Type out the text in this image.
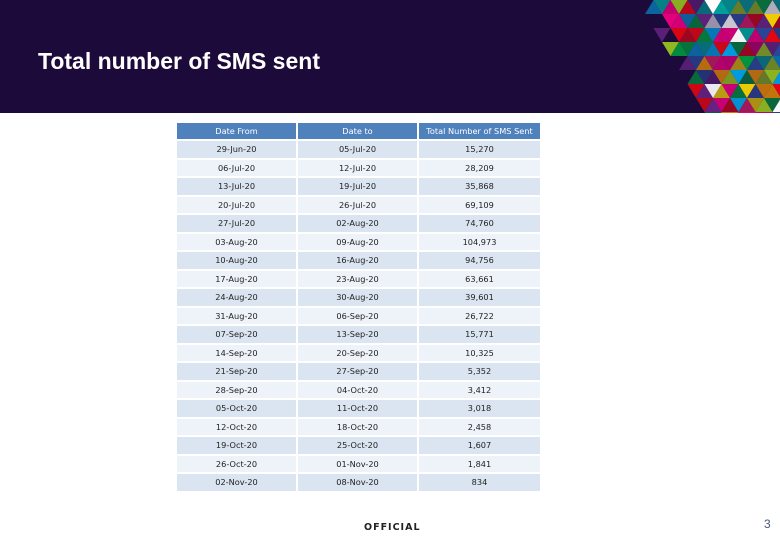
Total number of SMS sent
Date From	Date to	Total Number of SMS Sent
29-Jun-20	05-Jul-20	15,270
06-Jul-20	12-Jul-20	28,209
13-Jul-20	19-Jul-20	35,868
20-Jul-20	26-Jul-20	69,109
27-Jul-20	02-Aug-20	74,760
03-Aug-20	09-Aug-20	104,973
10-Aug-20	16-Aug-20	94,756
17-Aug-20	23-Aug-20	63,661
24-Aug-20	30-Aug-20	39,601
31-Aug-20	06-Sep-20	26,722
07-Sep-20	13-Sep-20	15,771
14-Sep-20	20-Sep-20	10,325
21-Sep-20	27-Sep-20	5,352
28-Sep-20	04-Oct-20	3,412
05-Oct-20	11-Oct-20	3,018
12-Oct-20	18-Oct-20	2,458
19-Oct-20	25-Oct-20	1,607
26-Oct-20	01-Nov-20	1,841
02-Nov-20	08-Nov-20	834
OFFICIAL	3
